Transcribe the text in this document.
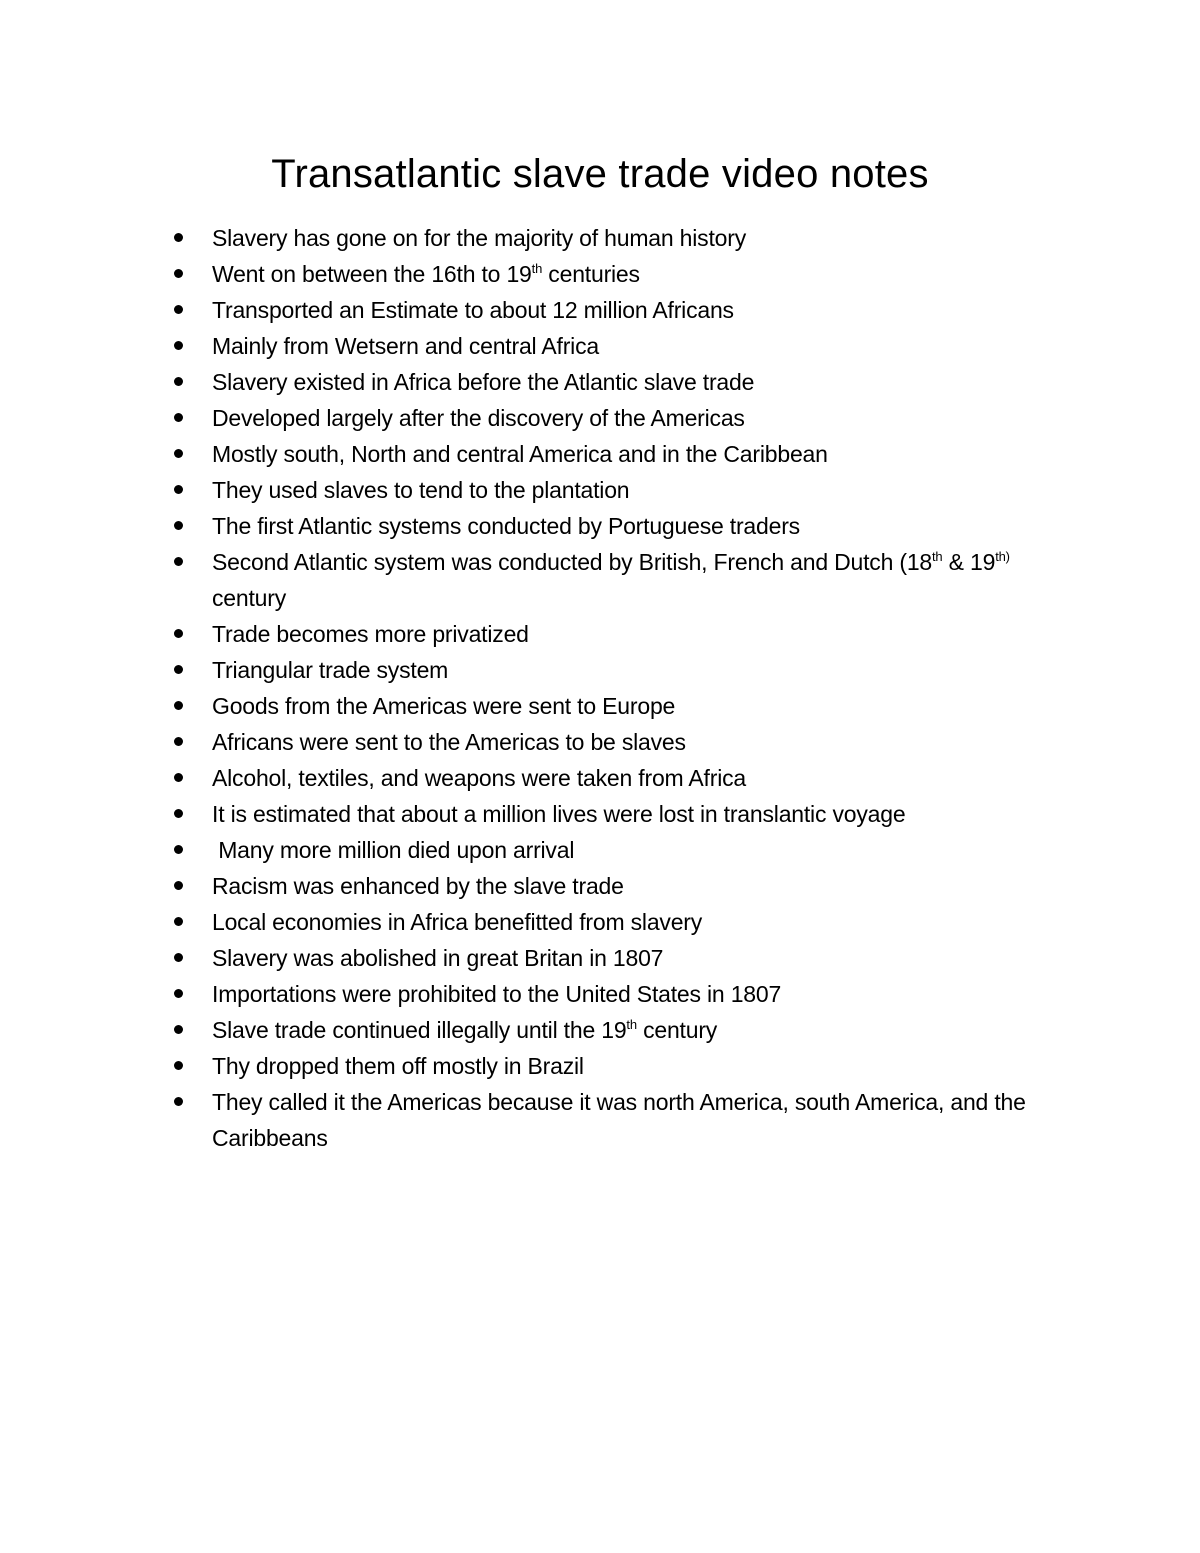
Transatlantic slave trade video notes
Slavery has gone on for the majority of human history
Went on between the 16th to 19th centuries
Transported an Estimate to about 12 million Africans
Mainly from Wetsern and central Africa
Slavery existed in Africa before the Atlantic slave trade
Developed largely after the discovery of the Americas
Mostly south, North and central America and in the Caribbean
They used slaves to tend to the plantation
The first Atlantic systems conducted by Portuguese traders
Second Atlantic system was conducted by British, French and Dutch (18th & $19^{th)}$ century
Trade becomes more privatized
Triangular trade system
Goods from the Americas were sent to Europe
Africans were sent to the Americas to be slaves
Alcohol, textiles, and weapons were taken from Africa
It is estimated that about a million lives were lost in translantic voyage
Many more million died upon arrival
Racism was enhanced by the slave trade
Local economies in Africa benefitted from slavery
Slavery was abolished in great Britan in 1807
Importations were prohibited to the United States in 1807
Slave trade continued illegally until the 19th century
Thy dropped them off mostly in Brazil
They called it the Americas because it was north America, south America, and the Caribbeans
